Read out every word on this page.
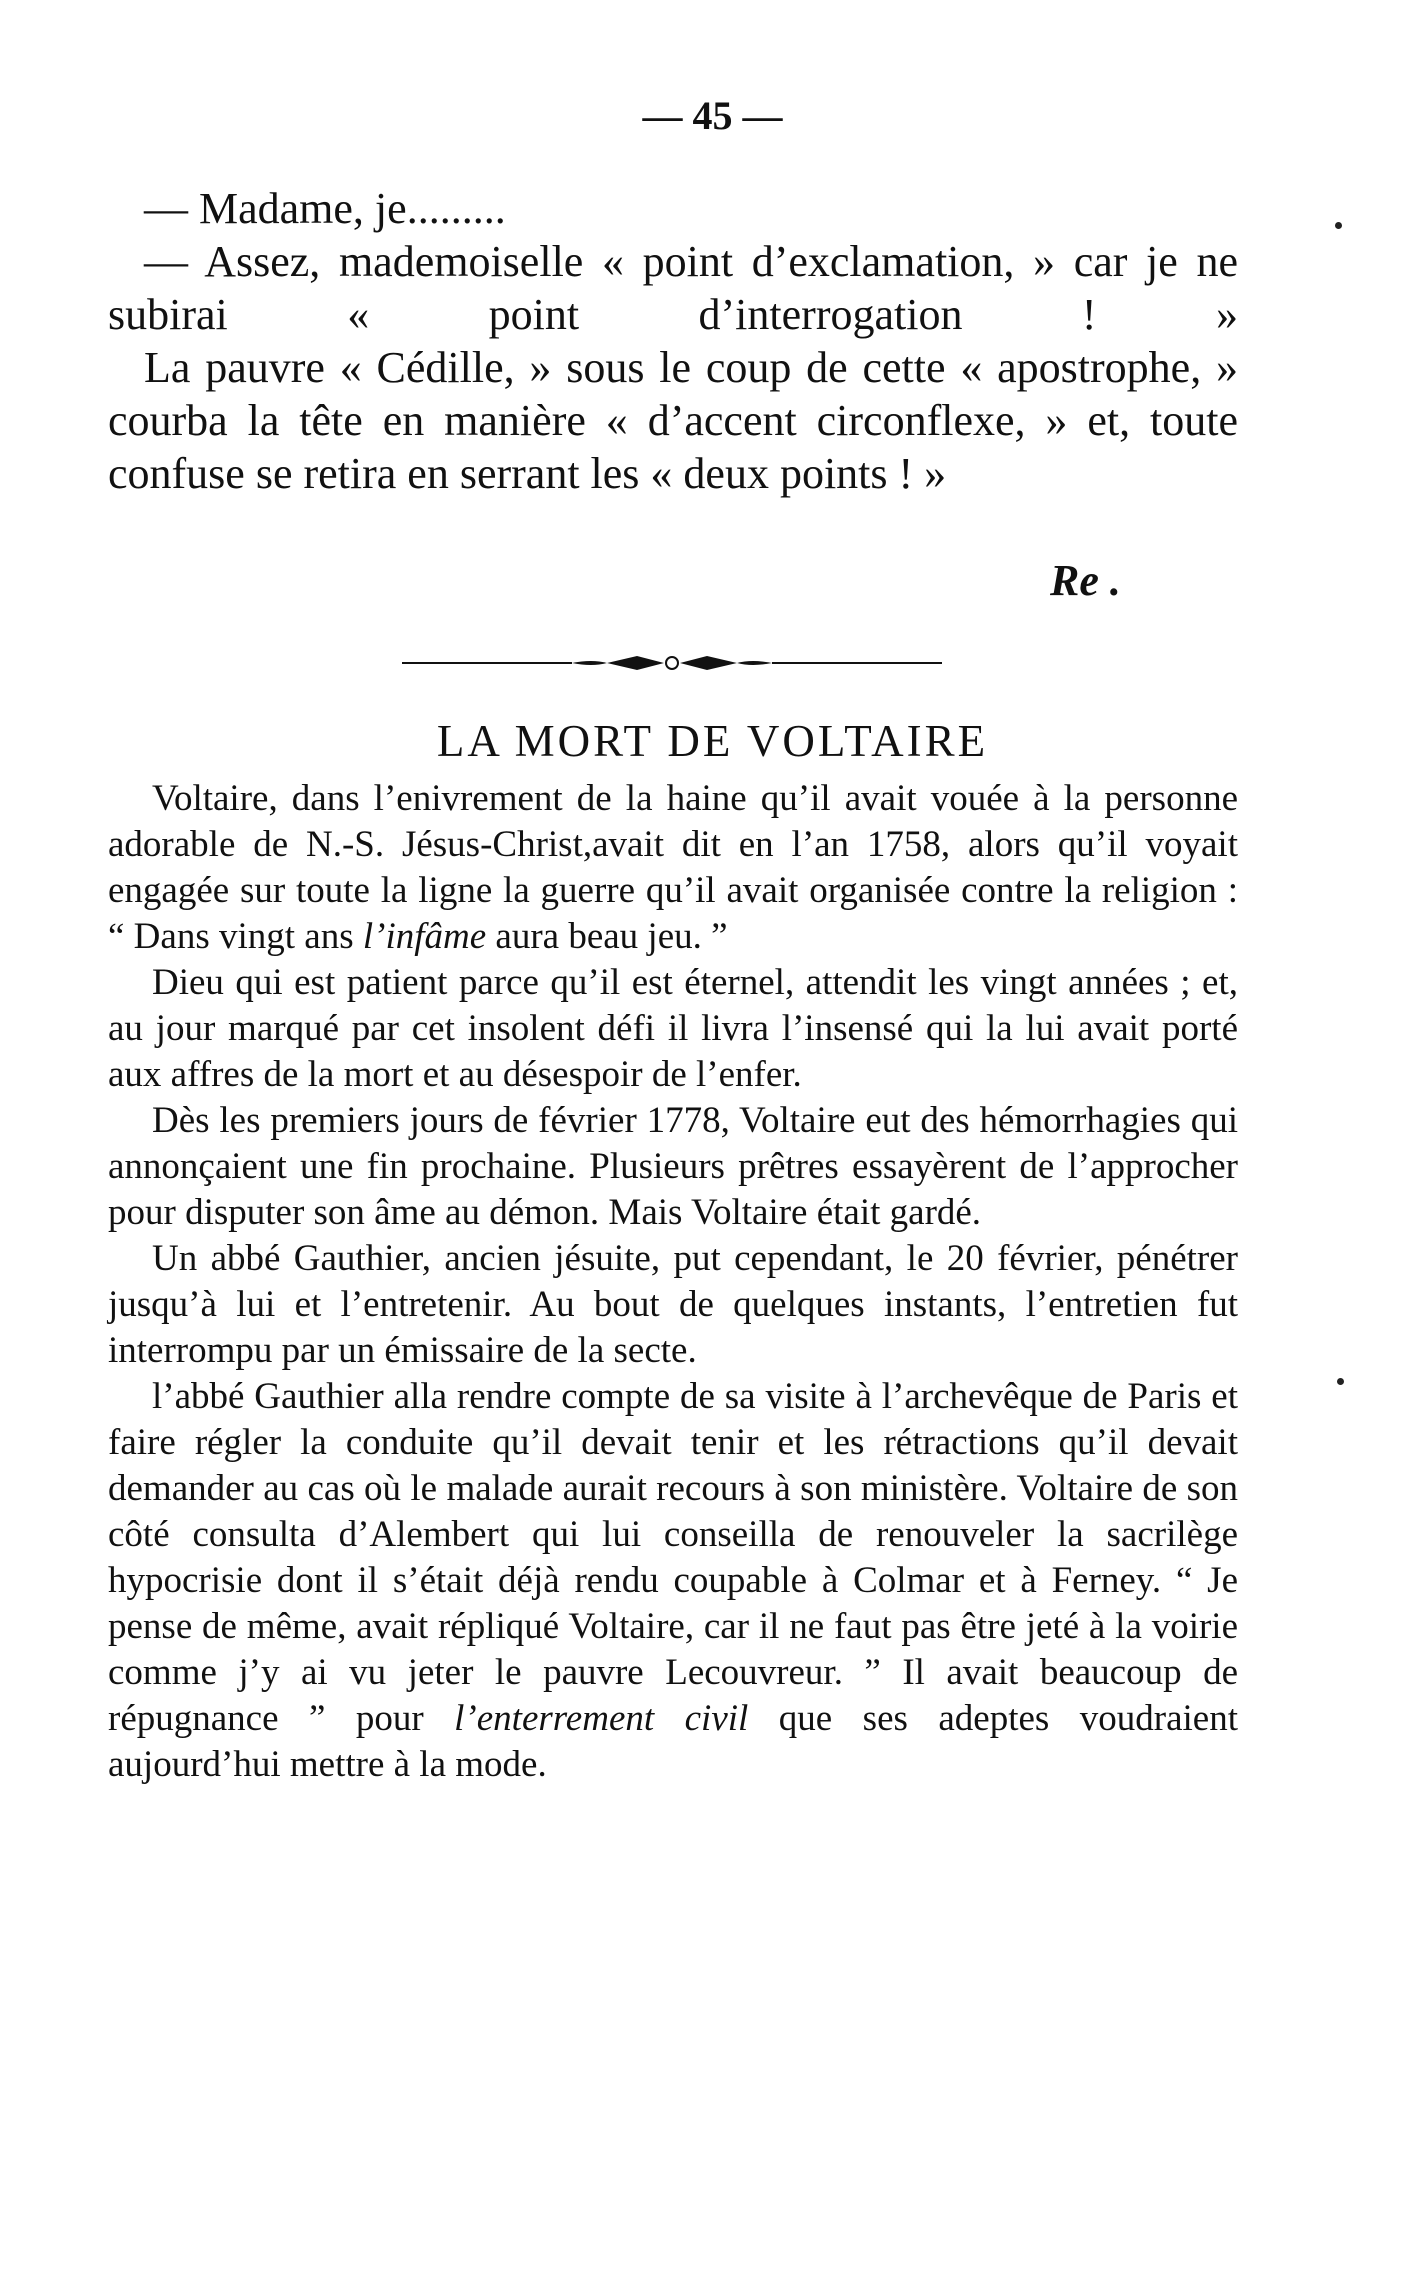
— 45 —

— Madame, je.........

— Assez, mademoiselle « point d’exclamation, » car je ne subirai « point d’interrogation ! »

La pauvre « Cédille, » sous le coup de cette « apostrophe, » courba la tête en manière « d’accent circonflexe, » et, toute confuse se retira en serrant les « deux points ! »

Re .
LA MORT DE VOLTAIRE

Voltaire, dans l’enivrement de la haine qu’il avait vouée à la personne adorable de N.-S. Jésus-Christ,avait dit en l’an 1758, alors qu’il voyait engagée sur toute la ligne la guerre qu’il avait organisée contre la religion : “ Dans vingt ans l’infâme aura beau jeu. ”

Dieu qui est patient parce qu’il est éternel, attendit les vingt années ; et, au jour marqué par cet insolent défi il livra l’insensé qui la lui avait porté aux affres de la mort et au désespoir de l’enfer.

Dès les premiers jours de février 1778, Voltaire eut des hémorrhagies qui annonçaient une fin prochaine. Plusieurs prêtres essayèrent de l’approcher pour disputer son âme au démon. Mais Voltaire était gardé.

Un abbé Gauthier, ancien jésuite, put cependant, le 20 février, pénétrer jusqu’à lui et l’entretenir. Au bout de quelques instants, l’entretien fut interrompu par un émissaire de la secte.

l’abbé Gauthier alla rendre compte de sa visite à l’archevêque de Paris et faire régler la conduite qu’il devait tenir et les rétractions qu’il devait demander au cas où le malade aurait recours à son ministère. Voltaire de son côté consulta d’Alembert qui lui conseilla de renouveler la sacrilège hypocrisie dont il s’était déjà rendu coupable à Colmar et à Ferney. “ Je pense de même, avait répliqué Voltaire, car il ne faut pas être jeté à la voirie comme j’y ai vu jeter le pauvre Lecouvreur. ” Il avait beaucoup de répugnance ” pour l’enterrement civil que ses adeptes voudraient aujourd’hui mettre à la mode.
